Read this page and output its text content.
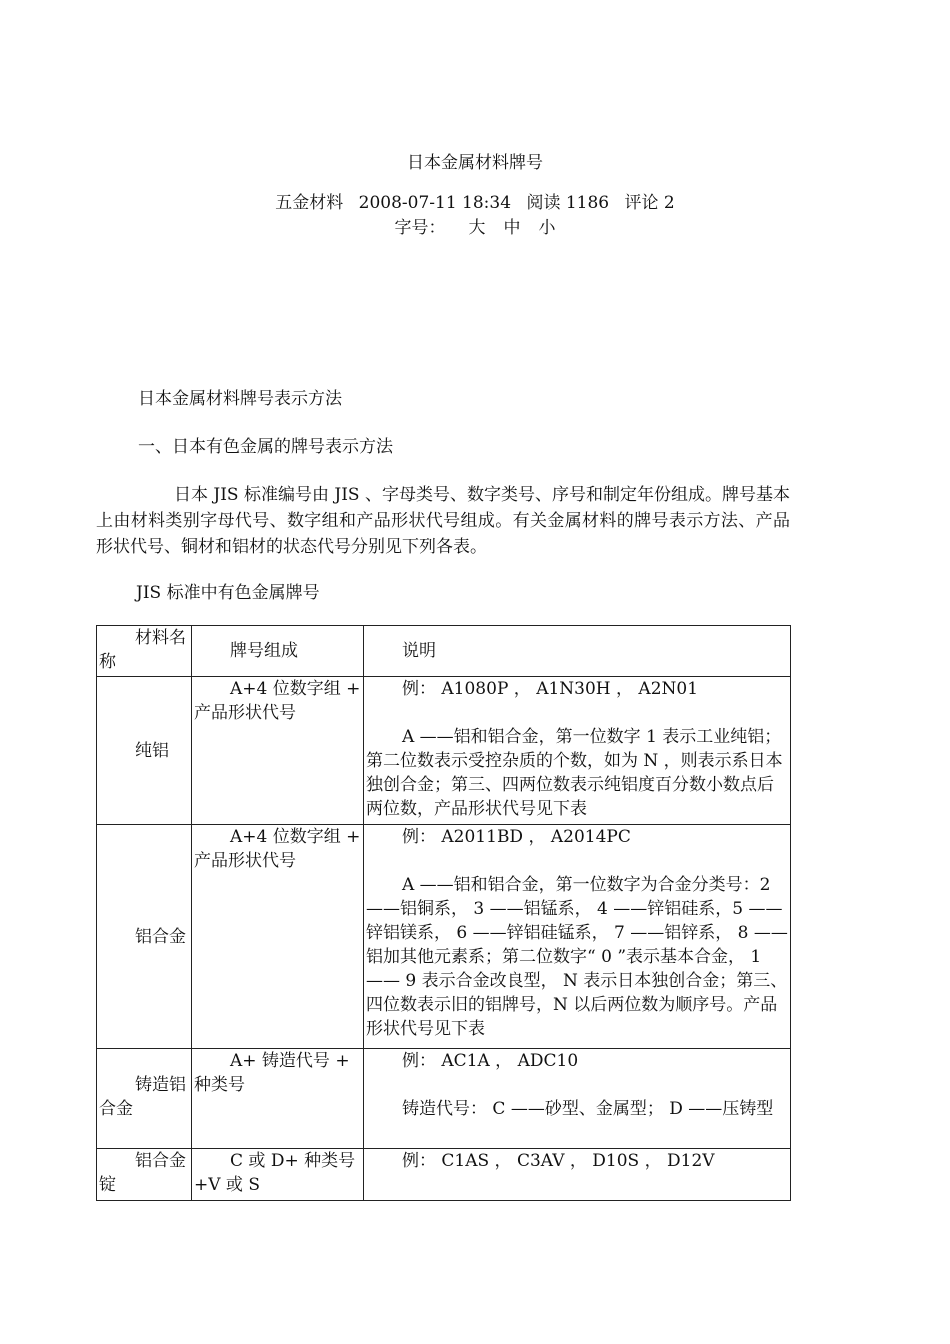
日本金属材料牌号
五金材料 2008-07-11 18:34 阅读 1186 评论 2
字号： 大 中 小
日本金属材料牌号表示方法
一、日本有色金属的牌号表示方法
日本 JIS 标准编号由 JIS 、字母类号、数字类号、序号和制定年份组成。牌号基本上由材料类别字母代号、数字组和产品形状代号组成。有关金属材料的牌号表示方法、产品形状代号、铜材和铝材的状态代号分别见下列各表。
JIS 标准中有色金属牌号
材料名称	牌号组成	说明
纯铝	A+4 位数字组 + 产品形状代号	例： A1080P ， A1N30H ， A2N01

A ——铝和铝合金，第一位数字 1 表示工业纯铝；第二位数表示受控杂质的个数，如为 N ，则表示系日本独创合金；第三、四两位数表示纯铝度百分数小数点后两位数，产品形状代号见下表

铝合金	A+4 位数字组 + 产品形状代号	例： A2011BD ， A2014PC

A ——铝和铝合金，第一位数字为合金分类号：2 ——铝铜系， 3 ——铝锰系， 4 ——锌铝硅系，5 ——锌铝镁系， 6 ——锌铝硅锰系， 7 ——铝锌系， 8 ——铝加其他元素系；第二位数字“ 0 ”表示基本合金， 1 —— 9 表示合金改良型， N 表示日本独创合金；第三、四位数表示旧的铝牌号，N 以后两位数为顺序号。产品形状代号见下表

铸造铝合金	A+ 铸造代号 + 种类号	例： AC1A ， ADC10

铸造代号： C ——砂型、金属型； D ——压铸型

铝合金锭	C 或 D+ 种类号 +V 或 S	例： C1AS ， C3AV ， D10S ， D12V
